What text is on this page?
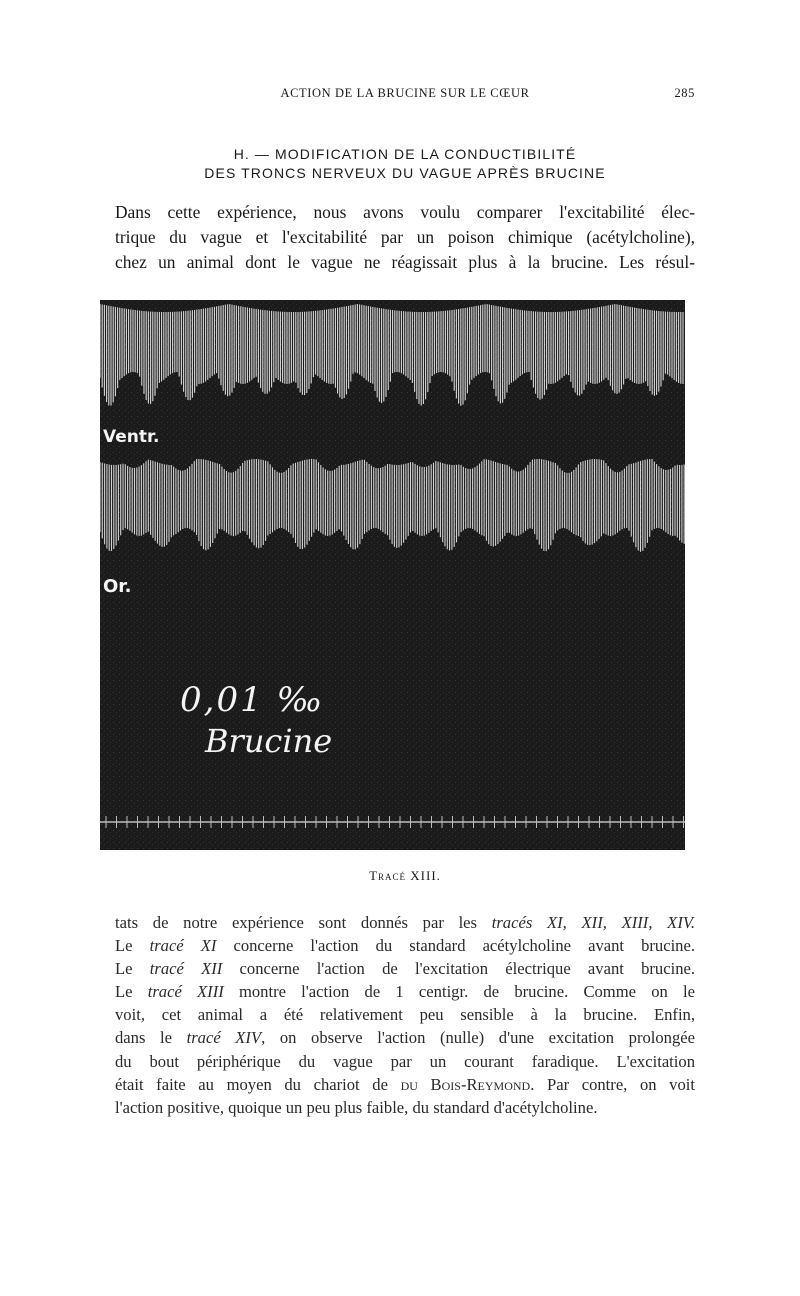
ACTION DE LA BRUCINE SUR LE CŒUR	285
H. — MODIFICATION DE LA CONDUCTIBILITÉ
DES TRONCS NERVEUX DU VAGUE APRÈS BRUCINE
Dans cette expérience, nous avons voulu comparer l'excitabilité élec-
trique du vague et l'excitabilité par un poison chimique (acétylcholine),
chez un animal dont le vague ne réagissait plus à la brucine. Les résul-
Ventr.
Or.
0,01 ‰
Brucine
Tracé XIII.
tats de notre expérience sont donnés par les tracés XI, XII, XIII, XIV.
Le tracé XI concerne l'action du standard acétylcholine avant brucine.
Le tracé XII concerne l'action de l'excitation électrique avant brucine.
Le tracé XIII montre l'action de 1 centigr. de brucine. Comme on le
voit, cet animal a été relativement peu sensible à la brucine. Enfin,
dans le tracé XIV, on observe l'action (nulle) d'une excitation prolongée
du bout périphérique du vague par un courant faradique. L'excitation
était faite au moyen du chariot de du Bois-Reymond. Par contre, on voit
l'action positive, quoique un peu plus faible, du standard d'acétylcholine.
